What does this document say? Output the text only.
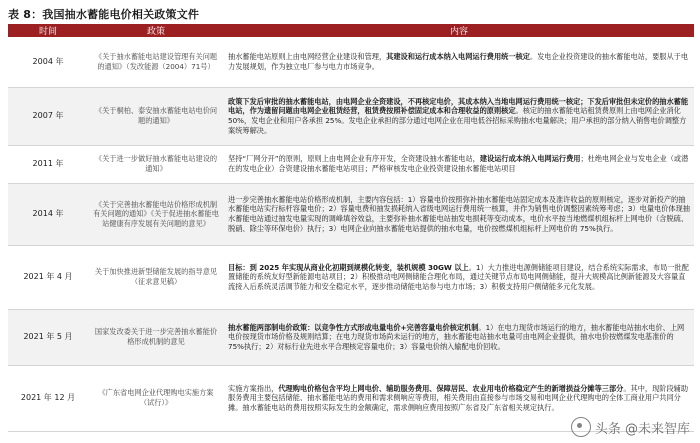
表 8：我国抽水蓄能电价相关政策文件
时间	政策	内容
2004 年	《关于抽水蓄能电站建设管理有关问题的通知》（发改能源（2004）71号）	抽水蓄能电站原则上由电网经营企业建设和管理，其建设和运行成本纳入电网运行费用统一核定。发电企业投资建设的抽水蓄能电站，要服从于电力发展规划，作为独立电厂参与电力市场竞争。
2007 年	《关于桐柏、泰安抽水蓄能电站电价问题的通知》	政策下发后审批的抽水蓄能电站，由电网企业全资建设，不再核定电价，其成本纳入当地电网运行费用统一核定；下发后审批但未定价的抽水蓄能电站，作为遗留问题由电网企业租赁经营，租赁费按照补偿固定成本和合理收益的原则核定。核定的抽水蓄能电站租赁费原则上由电网企业消化 50%，发电企业和用户各承担 25%。发电企业承担的部分通过电网企业在用电低谷招标采购抽水电量解决；用户承担的部分纳入销售电价调整方案统筹解决。
2011 年	《关于进一步做好抽水蓄能电站建设的通知》	坚持“厂网分开”的原则，原则上由电网企业有序开发，全资建设抽水蓄能电站，建设运行成本纳入电网运行费用；杜绝电网企业与发电企业（或潜在的发电企业）合资建设抽水蓄能电站项目；严格审核发电企业投资建设抽水蓄能电站项目
2014 年	《关于完善抽水蓄能电站价格形成机制有关问题的通知》《关于促进抽水蓄能电站健康有序发展有关问题的意见》	进一步完善抽水蓄能电站价格形成机制，主要内容包括：1）容量电价按照弥补抽水蓄能电站固定成本及准许收益的原则核定，逐步对新投产的抽水蓄能电站实行标杆容量电价；2）容量电费和抽发损耗纳入省级电网运行费用统一核算，并作为销售电价调整因素统筹考虑；3）电量电价体现抽水蓄能电站通过抽发电量实现的调峰填谷效益，主要弥补抽水蓄能电站抽发电损耗等变动成本，电价水平按当地燃煤机组标杆上网电价（含脱硫、脱硝、除尘等环保电价）执行；3）电网企业向抽水蓄能电站提供的抽水电量，电价按燃煤机组标杆上网电价的 75%执行。
2021 年 4 月	关于加快推进新型储能发展的指导意见（征求意见稿）	目标：到 2025 年实现从商业化初期到规模化转变，装机规模 30GW 以上。1）大力推进电源侧储能项目建设，结合系统实际需求，布局一批配置储能的系统友好型新能源电站项目；2）积极推动电网侧储能合理化布局，通过关键节点布局电网侧储能，提升大规模高比例新能源及大容量直流接入后系统灵活调节能力和安全稳定水平，逐步推动储能电站参与电力市场；3）积极支持用户侧储能多元化发展。
2021 年 5 月	国家发改委关于进一步完善抽水蓄能价格形成机制的意见	抽水蓄能两部制电价政策：以竞争性方式形成电量电价+完善容量电价核定机制。1）在电力现货市场运行的地方，抽水蓄能电站抽水电价、上网电价按现货市场价格及规则结算；在电力现货市场尚未运行的地方，抽水蓄能电站抽水电量可由电网企业提供，抽水电价按燃煤发电基准价的 75%执行；2）对标行业先进水平合理核定容量电价；3）容量电价纳入输配电价回收。
2021 年 12 月	《广东省电网企业代理购电实施方案（试行）》	实施方案指出，代理购电价格包含平均上网电价、辅助服务费用、保障居民、农业用电价格稳定产生的新增损益分摊等三部分。其中，现阶段辅助服务费用主要包括储能、抽水蓄能电站的费用和需求侧响应等费用，相关费用由直接参与市场交易和电网企业代理购电的全体工商业用户共同分摊。抽水蓄能电站的费用按照实际发生的金额确定，需求侧响应费用按照广东省及广东省相关规定执行。
头条 @未来智库
